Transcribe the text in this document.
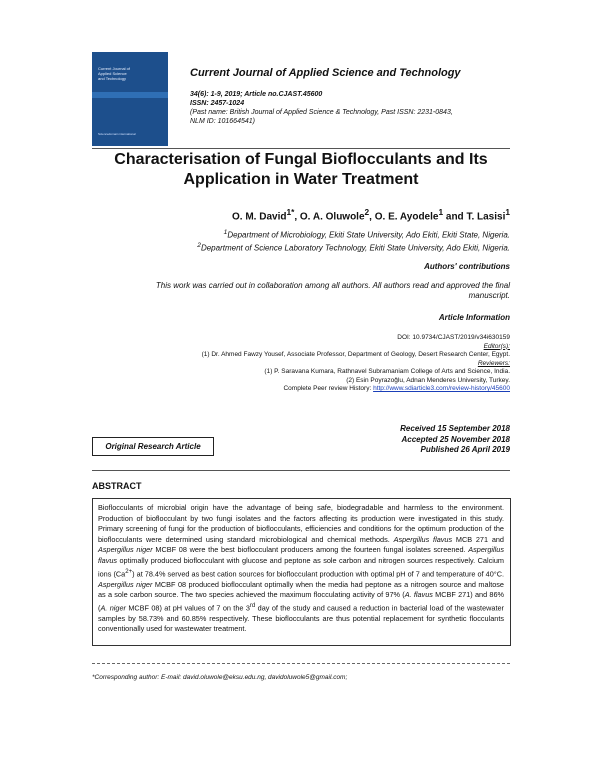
Current Journal of
Applied Science
and Technology
Sciencedomain international
Current Journal of Applied Science and Technology
34(6): 1-9, 2019; Article no.CJAST.45600
ISSN: 2457-1024
(Past name: British Journal of Applied Science & Technology, Past ISSN: 2231-0843,
NLM ID: 101664541)
Characterisation of Fungal Bioflocculants and Its
Application in Water Treatment
O. M. David$^{1*}$, O. A. Oluwole$^2$, O. E. Ayodele$^1$ and T. Lasisi$^1$
$^1$Department of Microbiology, Ekiti State University, Ado Ekiti, Ekiti State, Nigeria.
$^2$Department of Science Laboratory Technology, Ekiti State University, Ado Ekiti, Nigeria.
Authors' contributions
This work was carried out in collaboration among all authors. All authors read and approved the final
manuscript.
Article Information
DOI: 10.9734/CJAST/2019/v34i630159
Editor(s):
(1) Dr. Ahmed Fawzy Yousef, Associate Professor, Department of Geology, Desert Research Center, Egypt.
Reviewers:
(1) P. Saravana Kumara, Rathnavel Subramaniam College of Arts and Science, India.
(2) Esin Poyrazoğlu, Adnan Menderes University, Turkey.
Complete Peer review History: http://www.sdiarticle3.com/review-history/45600
Received 15 September 2018
Accepted 25 November 2018
Published 26 April 2019
Original Research Article
ABSTRACT

Bioflocculants of microbial origin have the advantage of being safe, biodegradable and harmless to the environment. Production of bioflocculant by two fungi isolates and the factors affecting its production were investigated in this study. Primary screening of fungi for the production of bioflocculants, efficiencies and conditions for the optimum production of the bioflocculants were determined using standard microbiological and chemical methods. Aspergillus flavus MCB 271 and Aspergillus niger MCBF 08 were the best bioflocculant producers among the fourteen fungal isolates screened. Aspergillus flavus optimally produced bioflocculant with glucose and peptone as sole carbon and nitrogen sources respectively. Calcium ions $(Ca^{2+})$ at 78.4% served as best cation sources for bioflocculant production with optimal pH of 7 and temperature of 40°C. Aspergillus niger MCBF 08 produced bioflocculant optimally when the media had peptone as a nitrogen source and maltose as a sole carbon source. The two species achieved the maximum flocculating activity of 97% (A. flavus MCBF 271) and 86% (A. niger MCBF 08) at pH values of 7 on the 3rd day of the study and caused a reduction in bacterial load of the wastewater samples by 58.73% and 60.85% respectively. These bioflocculants are thus potential replacement for synthetic flocculants conventionally used for wastewater treatment.

*Corresponding author: E-mail: david.oluwole@eksu.edu.ng, davidoluwole5@gmail.com;
